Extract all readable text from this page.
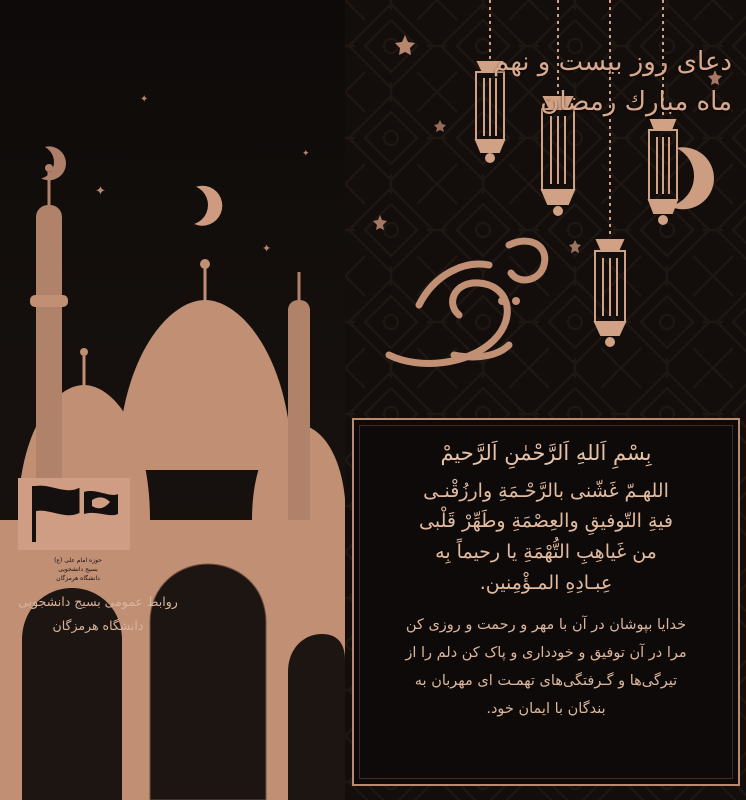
✦
✦
✦
✦
حوزه امام علی (ع)
بسیج دانشجویی
دانشگاه هرمزگان
روابط عمومی بسیج دانشجویی
دانشگاه هرمزگان
دعای روز بیست و نهم
ماه مبارك رمضان
بِسْمِ اَللهِ اَلرَّحْمٰنِ اَلرَّحيمْ
اللهـمّ غَشّنى بالرَّحْـمَةِ وارزُقْنـى
فيةِ التّوفيقِ والعِصْمَةِ وطَهِّرْ قَلْبى
من غَياهِبِ التُّهْمَةِ يا رحيماً بِه
عِبـادِهِ المـؤْمِنين.
خدایا بپوشان در آن با مهر و رحمت و روزی کن
مرا در آن توفیق و خودداری و پاک کن دلم را از
تیرگی‌ها و گـرفتگی‌های تهمـت ای مهربان به
بندگان با ایمان خود.
